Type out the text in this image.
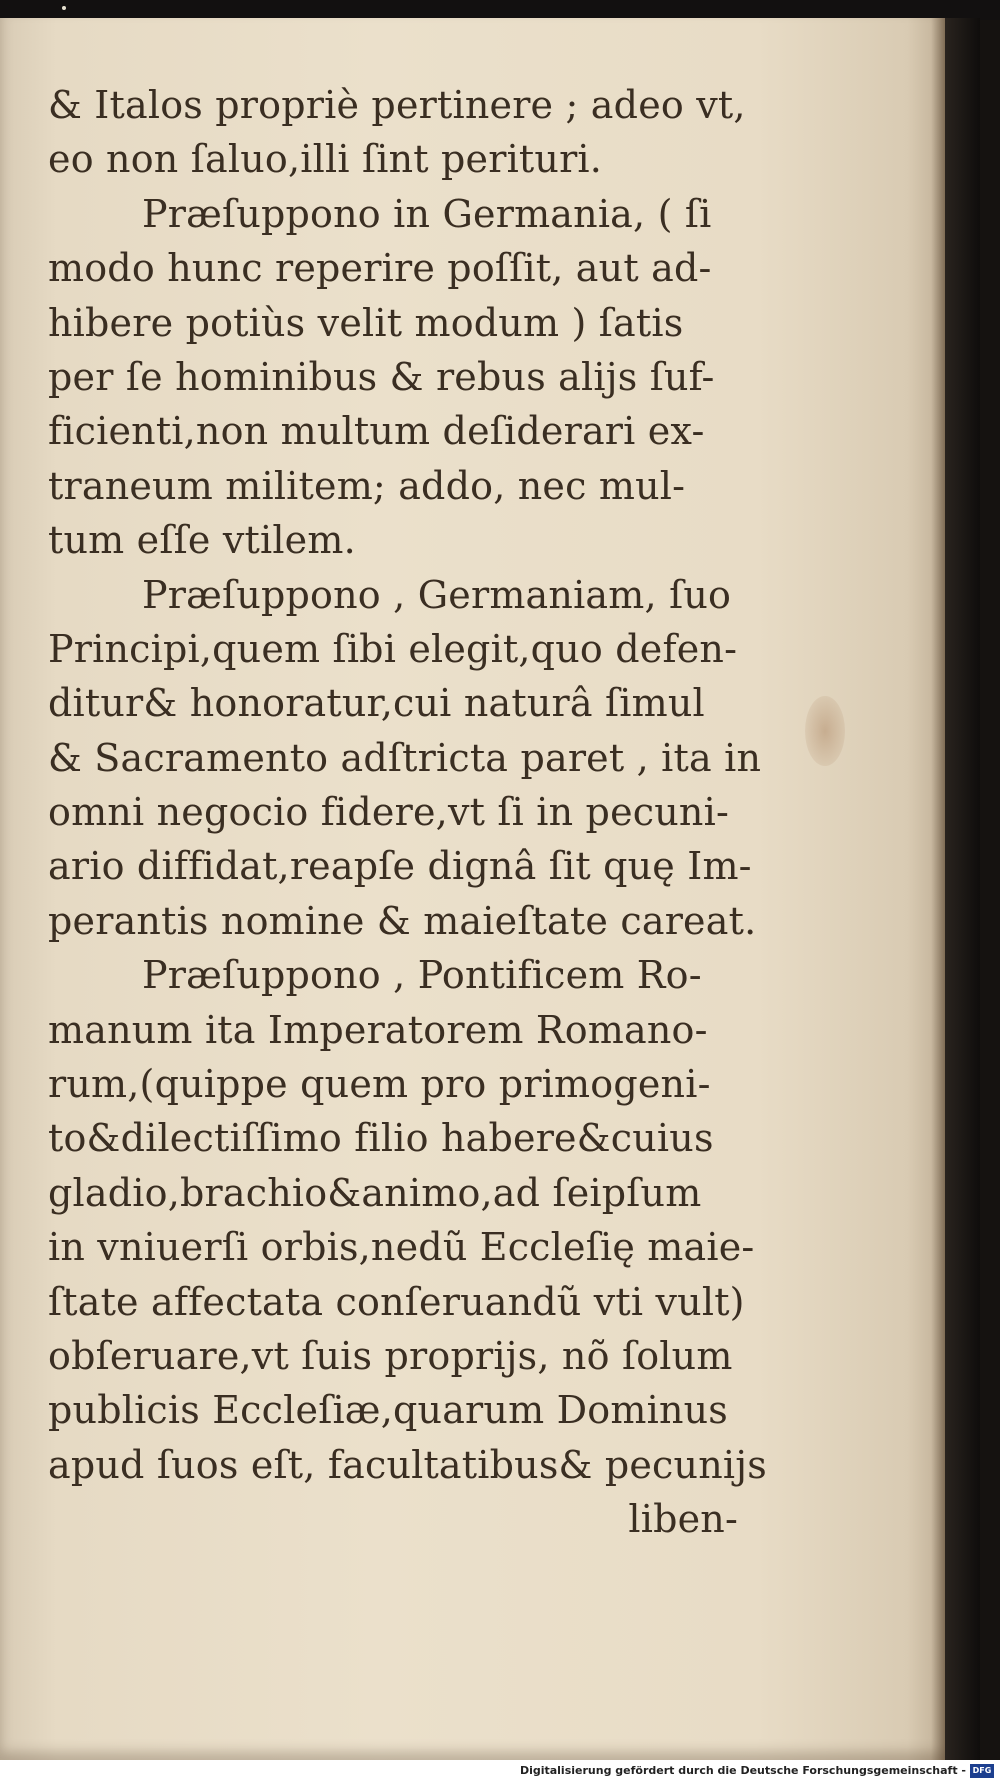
& Italos propriè pertinere ; adeo vt,
eo non ſaluo,illi ſint perituri.
Præſuppono in Germania, ( ſi
modo hunc reperire poſſit, aut ad-
hibere potiùs velit modum ) ſatis
per ſe hominibus & rebus alijs ſuf-
ficienti,non multum deſiderari ex-
traneum militem; addo, nec mul-
tum eſſe vtilem.
Præſuppono , Germaniam, ſuo
Principi,quem ſibi elegit,quo defen-
ditur& honoratur,cui naturâ ſimul
& Sacramento adſtricta paret , ita in
omni negocio fidere,vt ſi in pecuni-
ario diffidat,reapſe dignâ ſit quę Im-
perantis nomine & maieſtate careat.
Præſuppono , Pontificem Ro-
manum ita Imperatorem Romano-
rum,(quippe quem pro primogeni-
to&dilectiſſimo filio habere&cuius
gladio,brachio&animo,ad ſeipſum
in vniuerſi orbis,nedũ Eccleſię maie-
ſtate affectata conſeruandũ vti vult)
obſeruare,vt ſuis proprijs, nõ ſolum
publicis Eccleſiæ,quarum Dominus
apud ſuos eſt, facultatibus& pecunijs
liben-
Digitalisierung gefördert durch die Deutsche Forschungsgemeinschaft - DFG
